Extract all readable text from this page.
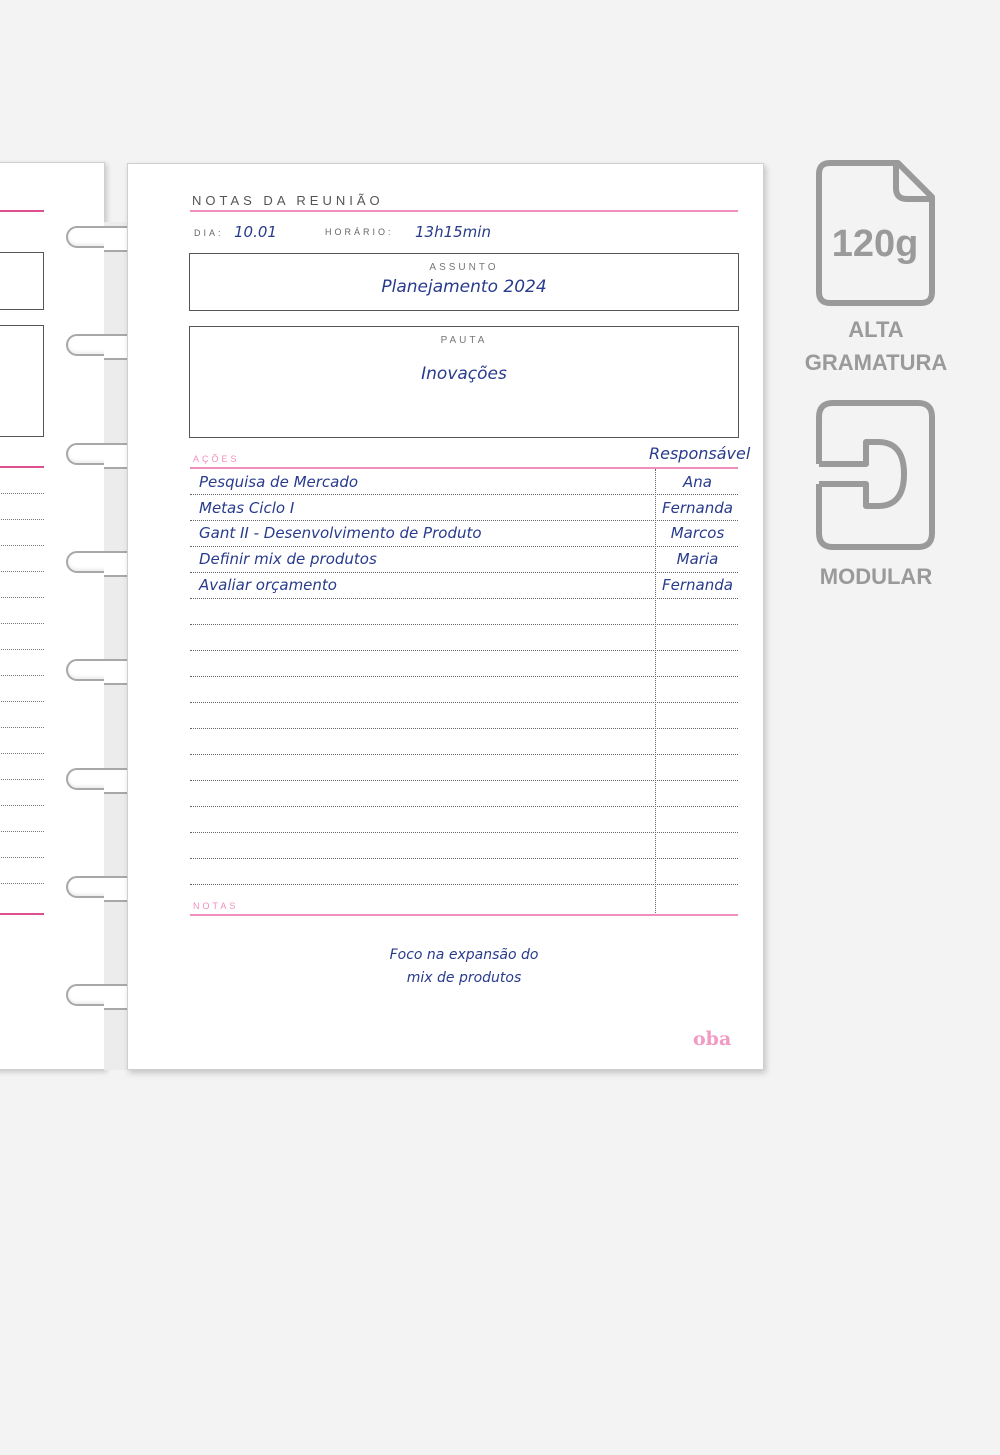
NOTAS DA REUNIÃO
DIA: 10.01	HORÁRIO: 13h15min
ASSUNTO
Planejamento 2024
PAUTA
Inovações
AÇÕES	Responsável
Pesquisa de Mercado	Ana
Metas Ciclo I	Fernanda
Gant II - Desenvolvimento de Produto	Marcos
Definir mix de produtos	Maria
Avaliar orçamento	Fernanda
NOTAS
Foco na expansão do
mix de produtos
oba
120g
ALTA
GRAMATURA
MODULAR
